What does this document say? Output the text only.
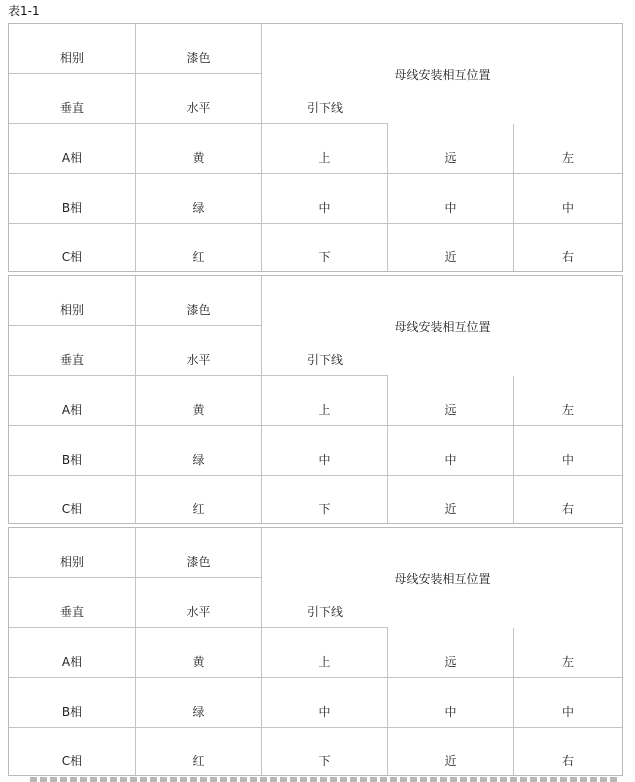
表1-1
相别	漆色
母线安装相互位置
垂直	水平	引下线
A相	黄	上	远	左
B相	绿	中	中	中
C相	红	下	近	右
相别	漆色
母线安装相互位置
垂直	水平	引下线
A相	黄	上	远	左
B相	绿	中	中	中
C相	红	下	近	右
相别	漆色
母线安装相互位置
垂直	水平	引下线
A相	黄	上	远	左
B相	绿	中	中	中
C相	红	下	近	右
